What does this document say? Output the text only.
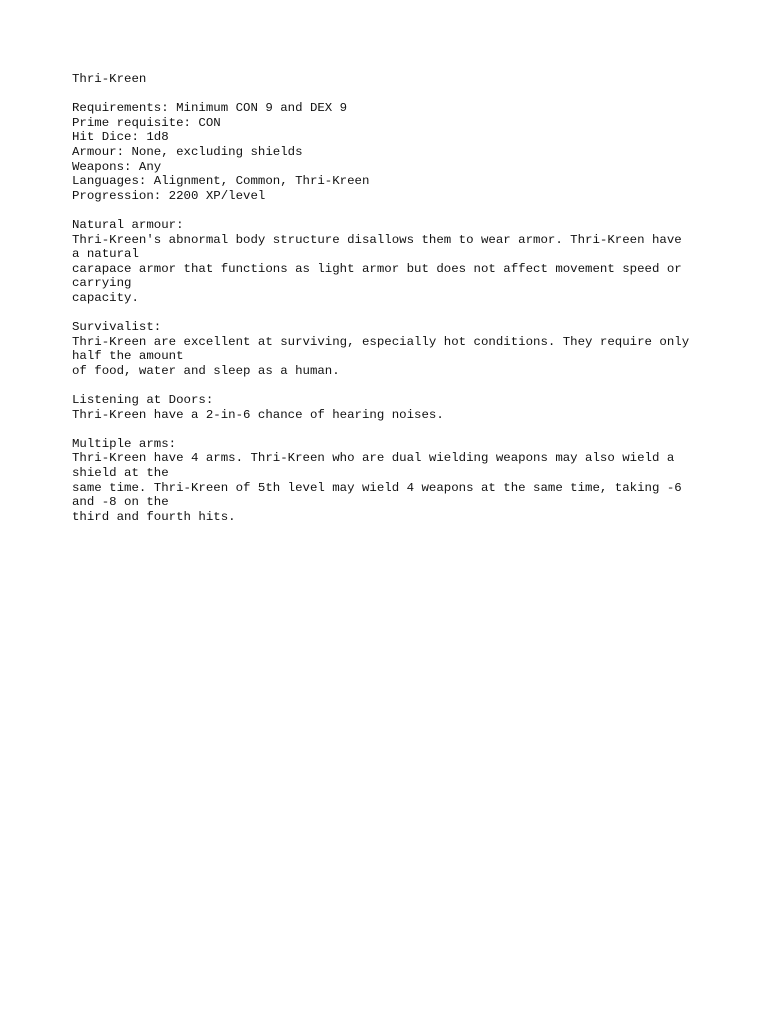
Thri-Kreen
Requirements: Minimum CON 9 and DEX 9
Prime requisite: CON
Hit Dice: 1d8
Armour: None, excluding shields
Weapons: Any
Languages: Alignment, Common, Thri-Kreen
Progression: 2200 XP/level
Natural armour:
Thri-Kreen's abnormal body structure disallows them to wear armor. Thri-Kreen have
a natural
carapace armor that functions as light armor but does not affect movement speed or
carrying
capacity.
Survivalist:
Thri-Kreen are excellent at surviving, especially hot conditions. They require only
half the amount
of food, water and sleep as a human.
Listening at Doors:
Thri-Kreen have a 2-in-6 chance of hearing noises.
Multiple arms:
Thri-Kreen have 4 arms. Thri-Kreen who are dual wielding weapons may also wield a
shield at the
same time. Thri-Kreen of 5th level may wield 4 weapons at the same time, taking -6
and -8 on the
third and fourth hits.
